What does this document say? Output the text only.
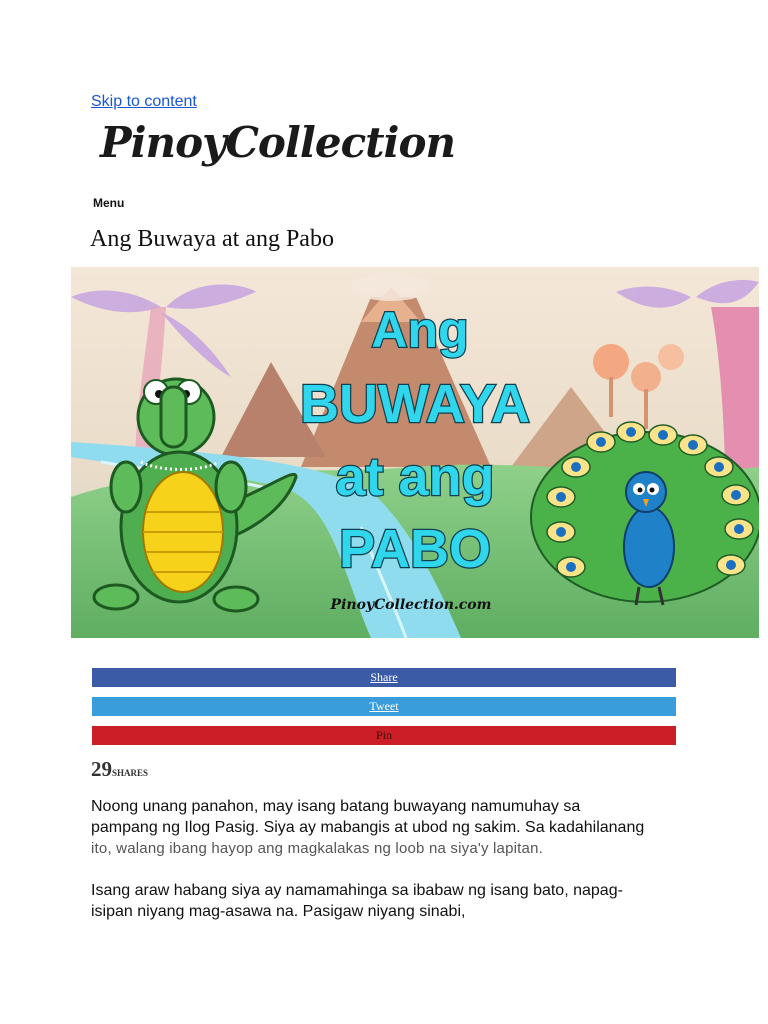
Skip to content
PinoyCollection
Menu
Ang Buwaya at ang Pabo
Ang
BUWAYA
at ang
PABO
PinoyCollection.com
Share
Tweet
Pin
29SHARES

Noong unang panahon, may isang batang buwayang namumuhay sa
pampang ng Ilog Pasig. Siya ay mabangis at ubod ng sakim. Sa kadahilanang
ito, walang ibang hayop ang magkalakas ng loob na siya'y lapitan.

Isang araw habang siya ay namamahinga sa ibabaw ng isang bato, napag-
isipan niyang mag-asawa na. Pasigaw niyang sinabi,
